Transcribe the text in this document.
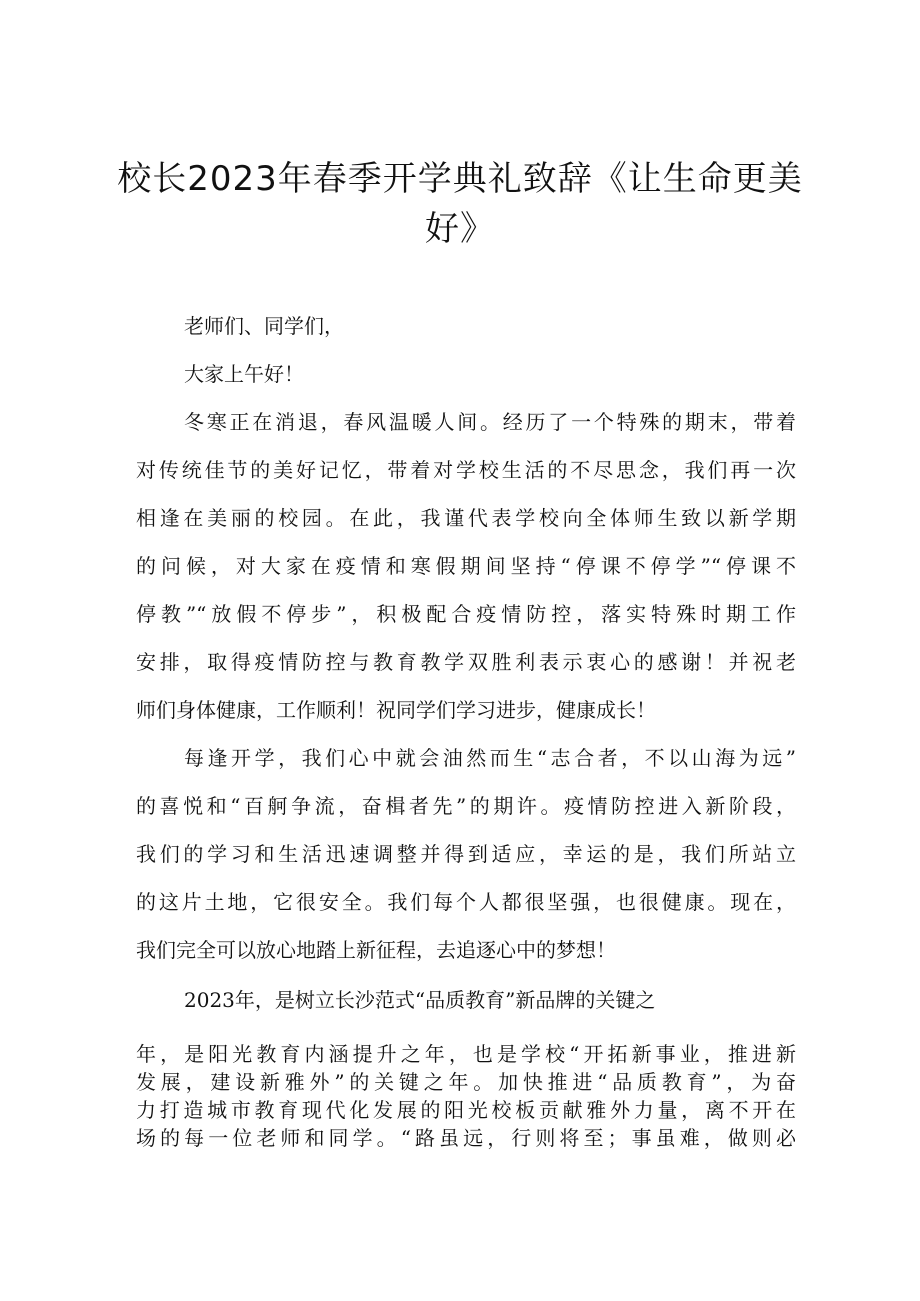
校长2023年春季开学典礼致辞《让生命更美
好》

老师们、同学们，

大家上午好！

冬寒正在消退，春风温暖人间。经历了一个特殊的期末，带着

对传统佳节的美好记忆，带着对学校生活的不尽思念，我们再一次

相逢在美丽的校园。在此，我谨代表学校向全体师生致以新学期

的问候，对大家在疫情和寒假期间坚持“停课不停学”“停课不

停教”“放假不停步”，积极配合疫情防控，落实特殊时期工作

安排，取得疫情防控与教育教学双胜利表示衷心的感谢！并祝老

师们身体健康，工作顺利！祝同学们学习进步，健康成长！

每逢开学，我们心中就会油然而生“志合者，不以山海为远”

的喜悦和“百舸争流，奋楫者先”的期许。疫情防控进入新阶段，

我们的学习和生活迅速调整并得到适应，幸运的是，我们所站立

的这片土地，它很安全。我们每个人都很坚强，也很健康。现在，

我们完全可以放心地踏上新征程，去追逐心中的梦想！

2023年，是树立长沙范式“品质教育”新品牌的关键之

年，是阳光教育内涵提升之年，也是学校“开拓新事业，推进新

发展，建设新雅外”的关键之年。加快推进“品质教育”，为奋

力打造城市教育现代化发展的阳光校板贡献雅外力量，离不开在

场的每一位老师和同学。“路虽远，行则将至；事虽难，做则必
